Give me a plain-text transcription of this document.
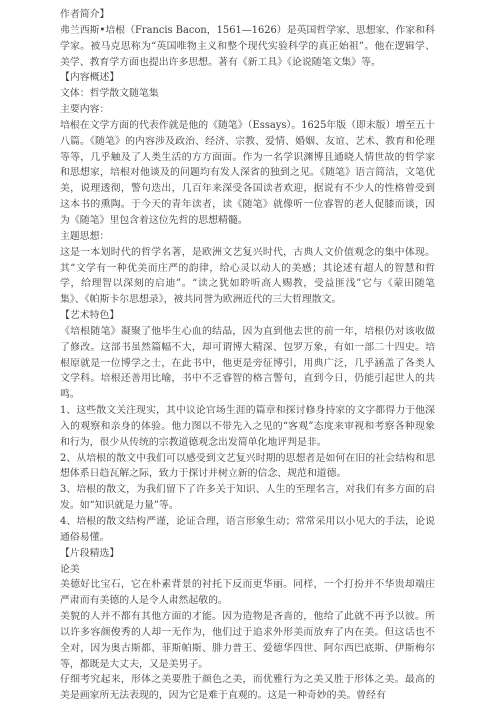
作者简介】

弗兰西斯•培根（Francis Bacon，1561—1626）是英国哲学家、思想家、作家和科学家。被马克思称为“英国唯物主义和整个现代实验科学的真正始祖”。他在逻辑学、美学、教育学方面也提出许多思想。著有《新工具》《论说随笔文集》等。

【内容概述】
文体：哲学散文随笔集
主要内容：

培根在文学方面的代表作就是他的《随笔》（Essays）。1625年版（即末版）增至五十八篇。《随笔》的内容涉及政治、经济、宗教、爱情、婚姻、友谊、艺术、教育和伦理等等，几乎触及了人类生活的方方面面。作为一名学识渊博且通晓人情世故的哲学家和思想家，培根对他谈及的问题均有发人深省的独到之见。《随笔》语言简洁，文笔优美，说理透彻，警句迭出，几百年来深受各国读者欢迎，据说有不少人的性格曾受到这本书的熏陶。于今天的青年读者，读《随笔》就像听一位睿智的老人促膝而谈，因为《随笔》里包含着这位先哲的思想精髓。

主题思想：

这是一本划时代的哲学名著，是欧洲文艺复兴时代，古典人文价值观念的集中体现。其“文学有一种优美而庄严的韵律，给心灵以动人的美感；其论述有超人的智慧和哲学，给理智以深刻的启迪”。“读之犹如聆听高人赐教，受益匪浅”它与《蒙田随笔集》、《帕斯卡尔思想录》，被共同誉为欧洲近代的三大哲理散文。

【艺术特色】

《培根随笔》凝聚了他毕生心血的结晶，因为直到他去世的前一年，培根仍对该收做了修改。这部书虽然篇幅不大，却可谓博大精深、包罗万象，有如一部二十四史。培根原就是一位博学之士，在此书中，他更是旁征博引，用典广泛，几乎涵盖了各类人文学科。培根还善用比喻，书中不乏睿智的格言警句，直到今日，仍能引起世人的共鸣。

1、这些散文关注现实，其中议论官场生涯的篇章和探讨修身持家的文字都得力于他深入的观察和亲身的体验。他力图以不带先入之见的“客观”态度来审视和考察各种现象和行为，很少从传统的宗教道德观念出发简单化地评判是非。

2、从培根的散文中我们可以感受到文艺复兴时期的思想者是如何在旧的社会结构和思想体系日趋瓦解之际，致力于探讨并树立新的信念、规范和道德。

3、培根的散文，为我们留下了许多关于知识、人生的至理名言，对我们有多方面的启发。如“知识就是力量”等。

4、培根的散文结构严谨，论证合理，语言形象生动；常常采用以小见大的手法，论说通俗易懂。

【片段精选】
论美

美德好比宝石，它在朴素背景的衬托下反而更华丽。同样，一个打扮并不华贵却端庄严肃而有美德的人是令人肃然起敬的。

美貌的人并不都有其他方面的才能。因为造物是吝啬的，他给了此就不再予以彼。所以许多容颜俊秀的人却一无作为，他们过于追求外形美而放弃了内在美。但这话也不全对，因为奥古斯都、菲斯帕斯、腓力普王、爱德华四世、阿尔西巴底斯、伊斯梅尔等，都既是大丈夫，又是美男子。

仔细考究起来，形体之美要胜于颜色之美，而优雅行为之美又胜于形体之美。最高的美是画家所无法表现的，因为它是难于直观的。这是一种奇妙的美。曾经有
